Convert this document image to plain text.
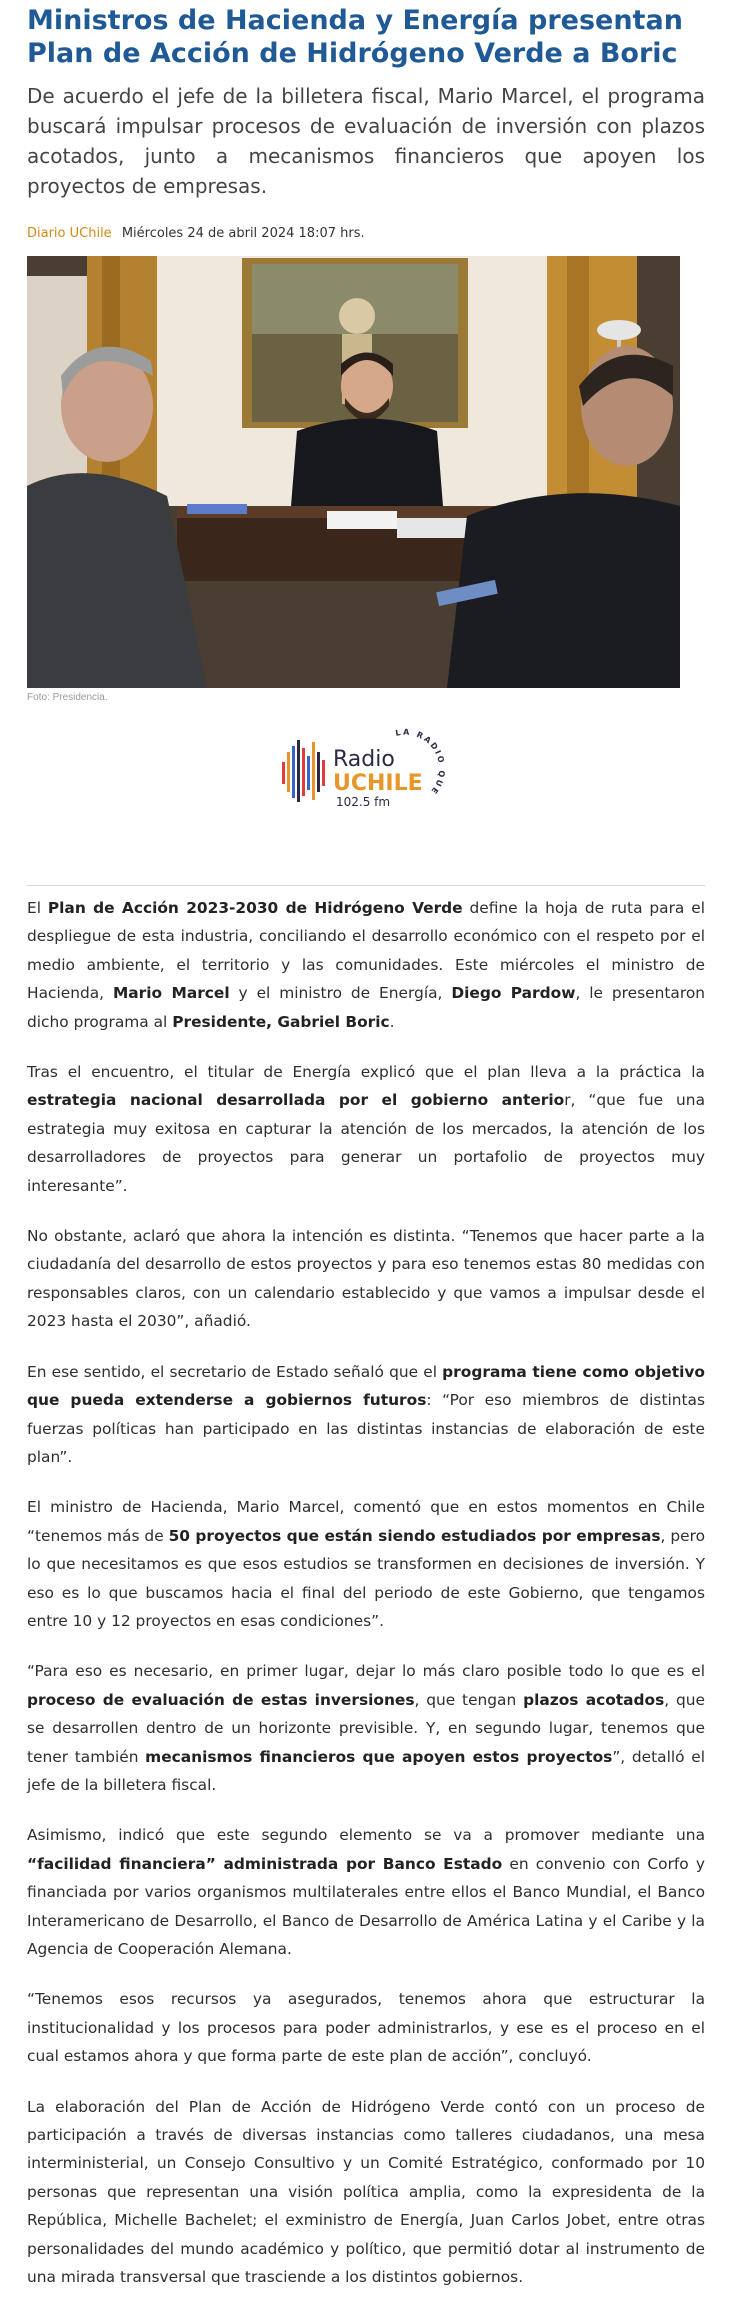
Ministros de Hacienda y Energía presentan Plan de Acción de Hidrógeno Verde a Boric

De acuerdo el jefe de la billetera fiscal, Mario Marcel, el programa buscará impulsar procesos de evaluación de inversión con plazos acotados, junto a mecanismos financieros que apoyen los proyectos de empresas.

Diario UChile Miércoles 24 de abril 2024 18:07 hrs.
Foto: Presidencia.
Radio
UCHILE
102.5 fm
LA RADIO QUE

El Plan de Acción 2023-2030 de Hidrógeno Verde define la hoja de ruta para el despliegue de esta industria, conciliando el desarrollo económico con el respeto por el medio ambiente, el territorio y las comunidades. Este miércoles el ministro de Hacienda, Mario Marcel y el ministro de Energía, Diego Pardow, le presentaron dicho programa al Presidente, Gabriel Boric.

Tras el encuentro, el titular de Energía explicó que el plan lleva a la práctica la estrategia nacional desarrollada por el gobierno anterior, “que fue una estrategia muy exitosa en capturar la atención de los mercados, la atención de los desarrolladores de proyectos para generar un portafolio de proyectos muy interesante”.

No obstante, aclaró que ahora la intención es distinta. “Tenemos que hacer parte a la ciudadanía del desarrollo de estos proyectos y para eso tenemos estas 80 medidas con responsables claros, con un calendario establecido y que vamos a impulsar desde el 2023 hasta el 2030”, añadió.

En ese sentido, el secretario de Estado señaló que el programa tiene como objetivo que pueda extenderse a gobiernos futuros: “Por eso miembros de distintas fuerzas políticas han participado en las distintas instancias de elaboración de este plan”.

El ministro de Hacienda, Mario Marcel, comentó que en estos momentos en Chile “tenemos más de 50 proyectos que están siendo estudiados por empresas, pero lo que necesitamos es que esos estudios se transformen en decisiones de inversión. Y eso es lo que buscamos hacia el final del periodo de este Gobierno, que tengamos entre 10 y 12 proyectos en esas condiciones”.

“Para eso es necesario, en primer lugar, dejar lo más claro posible todo lo que es el proceso de evaluación de estas inversiones, que tengan plazos acotados, que se desarrollen dentro de un horizonte previsible. Y, en segundo lugar, tenemos que tener también mecanismos financieros que apoyen estos proyectos”, detalló el jefe de la billetera fiscal.

Asimismo, indicó que este segundo elemento se va a promover mediante una “facilidad financiera” administrada por Banco Estado en convenio con Corfo y financiada por varios organismos multilaterales entre ellos el Banco Mundial, el Banco Interamericano de Desarrollo, el Banco de Desarrollo de América Latina y el Caribe y la Agencia de Cooperación Alemana.

“Tenemos esos recursos ya asegurados, tenemos ahora que estructurar la institucionalidad y los procesos para poder administrarlos, y ese es el proceso en el cual estamos ahora y que forma parte de este plan de acción”, concluyó.

La elaboración del Plan de Acción de Hidrógeno Verde contó con un proceso de participación a través de diversas instancias como talleres ciudadanos, una mesa interministerial, un Consejo Consultivo y un Comité Estratégico, conformado por 10 personas que representan una visión política amplia, como la expresidenta de la República, Michelle Bachelet; el exministro de Energía, Juan Carlos Jobet, entre otras personalidades del mundo académico y político, que permitió dotar al instrumento de una mirada transversal que trasciende a los distintos gobiernos.
